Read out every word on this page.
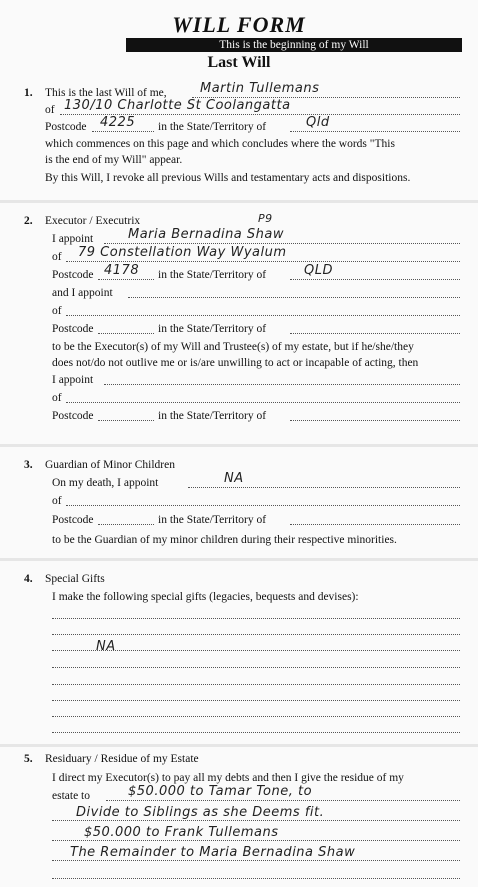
WILL FORM
This is the beginning of my Will
Last Will
1. This is the last Will of me,	Martin Tullemans
of 130/10 Charlotte St Coolangatta
Postcode 4225 in the State/Territory of	Qld
which commences on this page and which concludes where the words "This
is the end of my Will" appear.
By this Will, I revoke all previous Wills and testamentary acts and dispositions.
2. Executor / Executrix	P9
I appoint	Maria Bernadina Shaw
of 79 Constellation Way Wyalum
Postcode 4178 in the State/Territory of	QLD
and I appoint
of
Postcode	in the State/Territory of
to be the Executor(s) of my Will and Trustee(s) of my estate, but if he/she/they
does not/do not outlive me or is/are unwilling to act or incapable of acting, then
I appoint
of
Postcode	in the State/Territory of
3. Guardian of Minor Children
On my death, I appoint	NA
of
Postcode	in the State/Territory of
to be the Guardian of my minor children during their respective minorities.
4. Special Gifts
I make the following special gifts (legacies, bequests and devises):
NA
5. Residuary / Residue of my Estate
I direct my Executor(s) to pay all my debts and then I give the residue of my
estate to	$50.000 to Tamar Tone, to
Divide to Siblings as she Deems fit.
$50.000 to Frank Tullemans
The Remainder to Maria Bernadina Shaw
